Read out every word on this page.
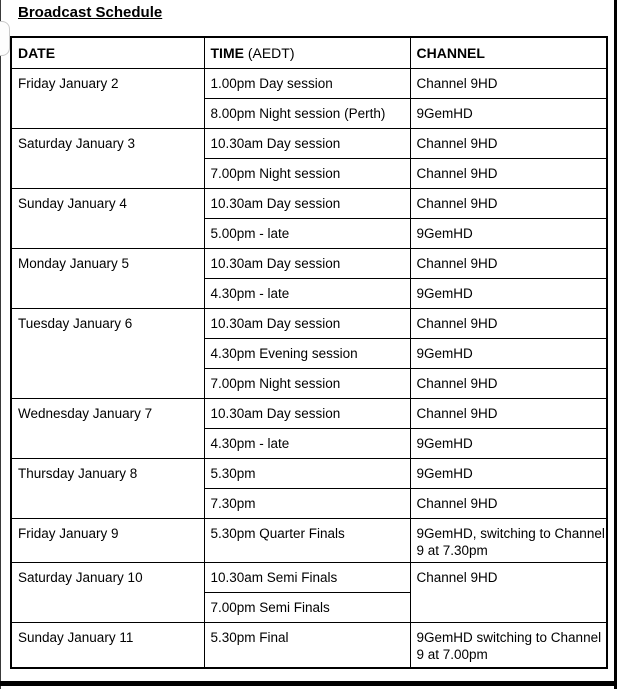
Broadcast Schedule
DATE	TIME (AEDT)	CHANNEL
Friday January 2	1.00pm Day session	Channel 9HD
	8.00pm Night session (Perth)	9GemHD
Saturday January 3	10.30am Day session	Channel 9HD
	7.00pm Night session	Channel 9HD
Sunday January 4	10.30am Day session	Channel 9HD
	5.00pm - late	9GemHD
Monday January 5	10.30am Day session	Channel 9HD
	4.30pm - late	9GemHD
Tuesday January 6	10.30am Day session	Channel 9HD
	4.30pm Evening session	9GemHD
	7.00pm Night session	Channel 9HD
Wednesday January 7	10.30am Day session	Channel 9HD
	4.30pm - late	9GemHD
Thursday January 8	5.30pm	9GemHD
	7.30pm	Channel 9HD
Friday January 9	5.30pm Quarter Finals	9GemHD, switching to Channel 9 at 7.30pm
Saturday January 10	10.30am Semi Finals	Channel 9HD
	7.00pm Semi Finals	
Sunday January 11	5.30pm Final	9GemHD switching to Channel 9 at 7.00pm
